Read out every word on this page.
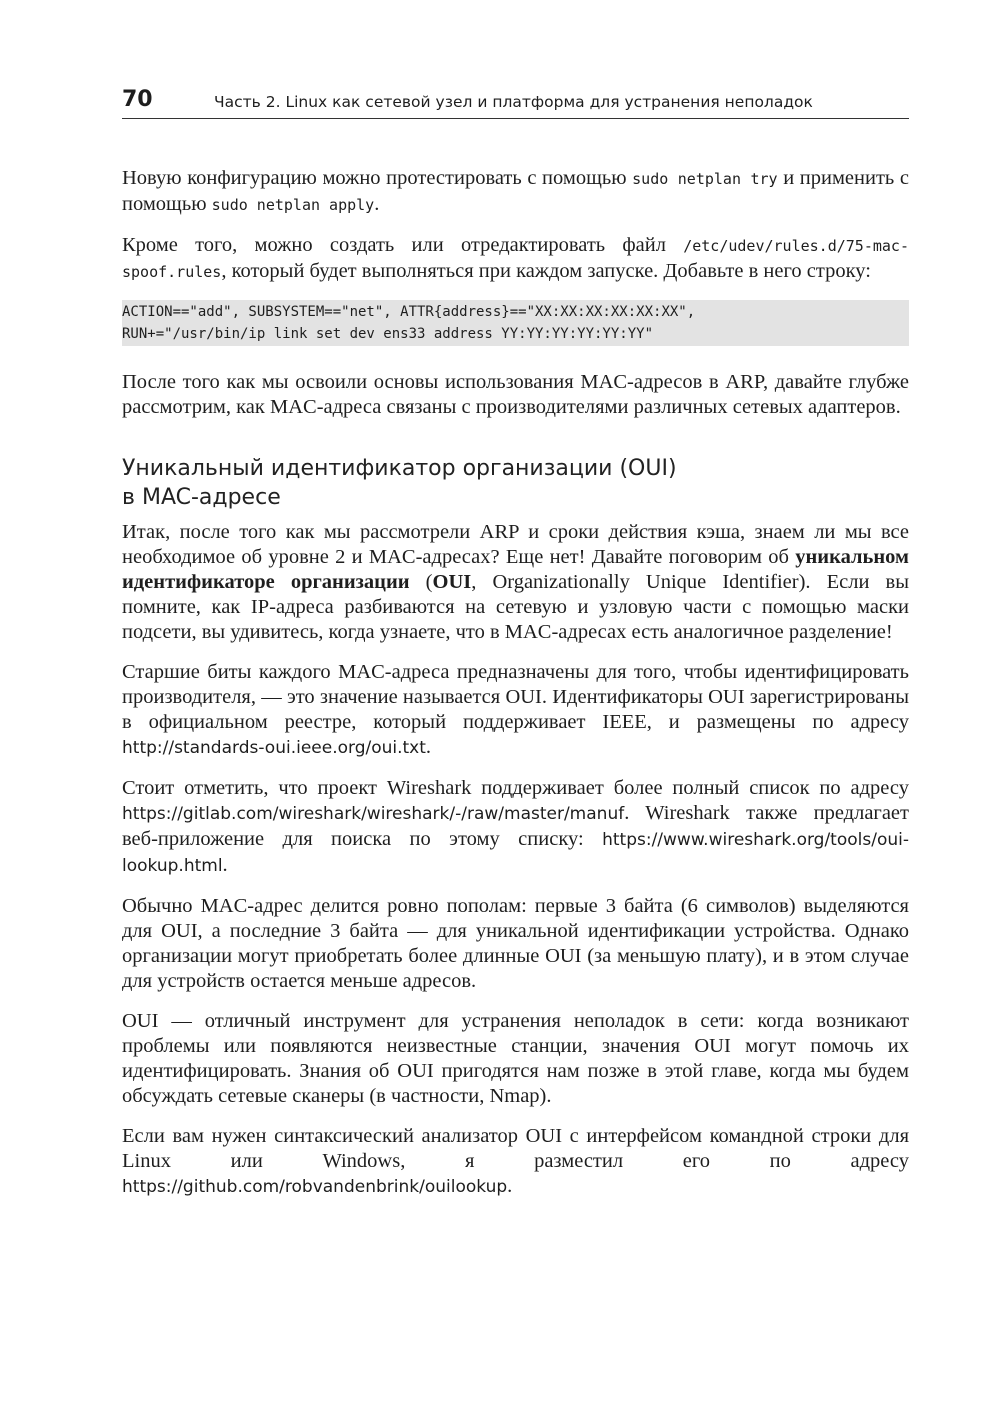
70	Часть 2. Linux как сетевой узел и платформа для устранения неполадок

Новую конфигурацию можно протестировать с помощью sudo netplan try и применить с помощью sudo netplan apply.

Кроме того, можно создать или отредактировать файл /etc/udev/rules.d/75-mac-spoof.rules, который будет выполняться при каждом запуске. Добавьте в него строку:

ACTION=="add", SUBSYSTEM=="net", ATTR{address}=="XX:XX:XX:XX:XX:XX",
RUN+="/usr/bin/ip link set dev ens33 address YY:YY:YY:YY:YY:YY"

После того как мы освоили основы использования MAC-адресов в ARP, давайте глубже рассмотрим, как MAC-адреса связаны с производителями различных сетевых адаптеров.

Уникальный идентификатор организации (OUI)
в MAC-адресе

Итак, после того как мы рассмотрели ARP и сроки действия кэша, знаем ли мы все необходимое об уровне 2 и MAC-адресах? Еще нет! Давайте поговорим об уникальном идентификаторе организации (OUI, Organizationally Unique Identifier). Если вы помните, как IP-адреса разбиваются на сетевую и узловую части с помощью маски подсети, вы удивитесь, когда узнаете, что в MAC-адресах есть аналогичное разделение!

Старшие биты каждого MAC-адреса предназначены для того, чтобы идентифицировать производителя, — это значение называется OUI. Идентификаторы OUI зарегистрированы в официальном реестре, который поддерживает IEEE, и размещены по адресу http://standards-oui.ieee.org/oui.txt.

Стоит отметить, что проект Wireshark поддерживает более полный список по адресу https://gitlab.com/wireshark/wireshark/-/raw/master/manuf. Wireshark также предлагает веб-приложение для поиска по этому списку: https://www.wireshark.org/tools/oui-lookup.html.

Обычно MAC-адрес делится ровно пополам: первые 3 байта (6 символов) выделяются для OUI, а последние 3 байта — для уникальной идентификации устройства. Однако организации могут приобретать более длинные OUI (за меньшую плату), и в этом случае для устройств остается меньше адресов.

OUI — отличный инструмент для устранения неполадок в сети: когда возникают проблемы или появляются неизвестные станции, значения OUI могут помочь их идентифицировать. Знания об OUI пригодятся нам позже в этой главе, когда мы будем обсуждать сетевые сканеры (в частности, Nmap).

Если вам нужен синтаксический анализатор OUI с интерфейсом командной строки для Linux или Windows, я разместил его по адресу https://github.com/robvandenbrink/ouilookup.
